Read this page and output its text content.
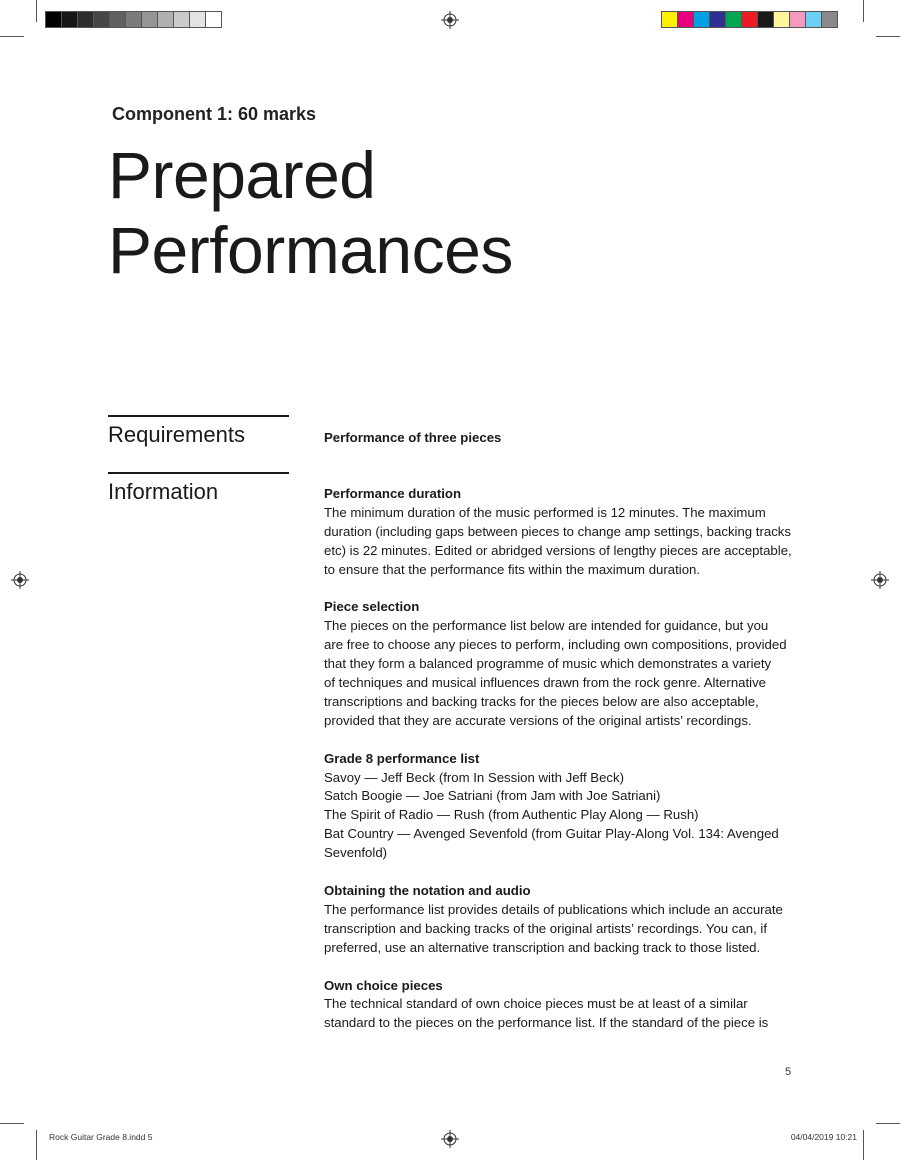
Component 1: 60 marks
Prepared
Performances
Requirements
Information
Performance of three pieces
Performance duration
The minimum duration of the music performed is 12 minutes. The maximum
duration (including gaps between pieces to change amp settings, backing tracks
etc) is 22 minutes. Edited or abridged versions of lengthy pieces are acceptable,
to ensure that the performance fits within the maximum duration.
Piece selection
The pieces on the performance list below are intended for guidance, but you
are free to choose any pieces to perform, including own compositions, provided
that they form a balanced programme of music which demonstrates a variety
of techniques and musical influences drawn from the rock genre. Alternative
transcriptions and backing tracks for the pieces below are also acceptable,
provided that they are accurate versions of the original artists’ recordings.
Grade 8 performance list
Savoy — Jeff Beck (from In Session with Jeff Beck)
Satch Boogie — Joe Satriani (from Jam with Joe Satriani)
The Spirit of Radio — Rush (from Authentic Play Along — Rush)
Bat Country — Avenged Sevenfold (from Guitar Play-Along Vol. 134: Avenged
Sevenfold)
Obtaining the notation and audio
The performance list provides details of publications which include an accurate
transcription and backing tracks of the original artists’ recordings. You can, if
preferred, use an alternative transcription and backing track to those listed.
Own choice pieces
The technical standard of own choice pieces must be at least of a similar
standard to the pieces on the performance list. If the standard of the piece is
5
Rock Guitar Grade 8.indd 5	04/04/2019 10:21
